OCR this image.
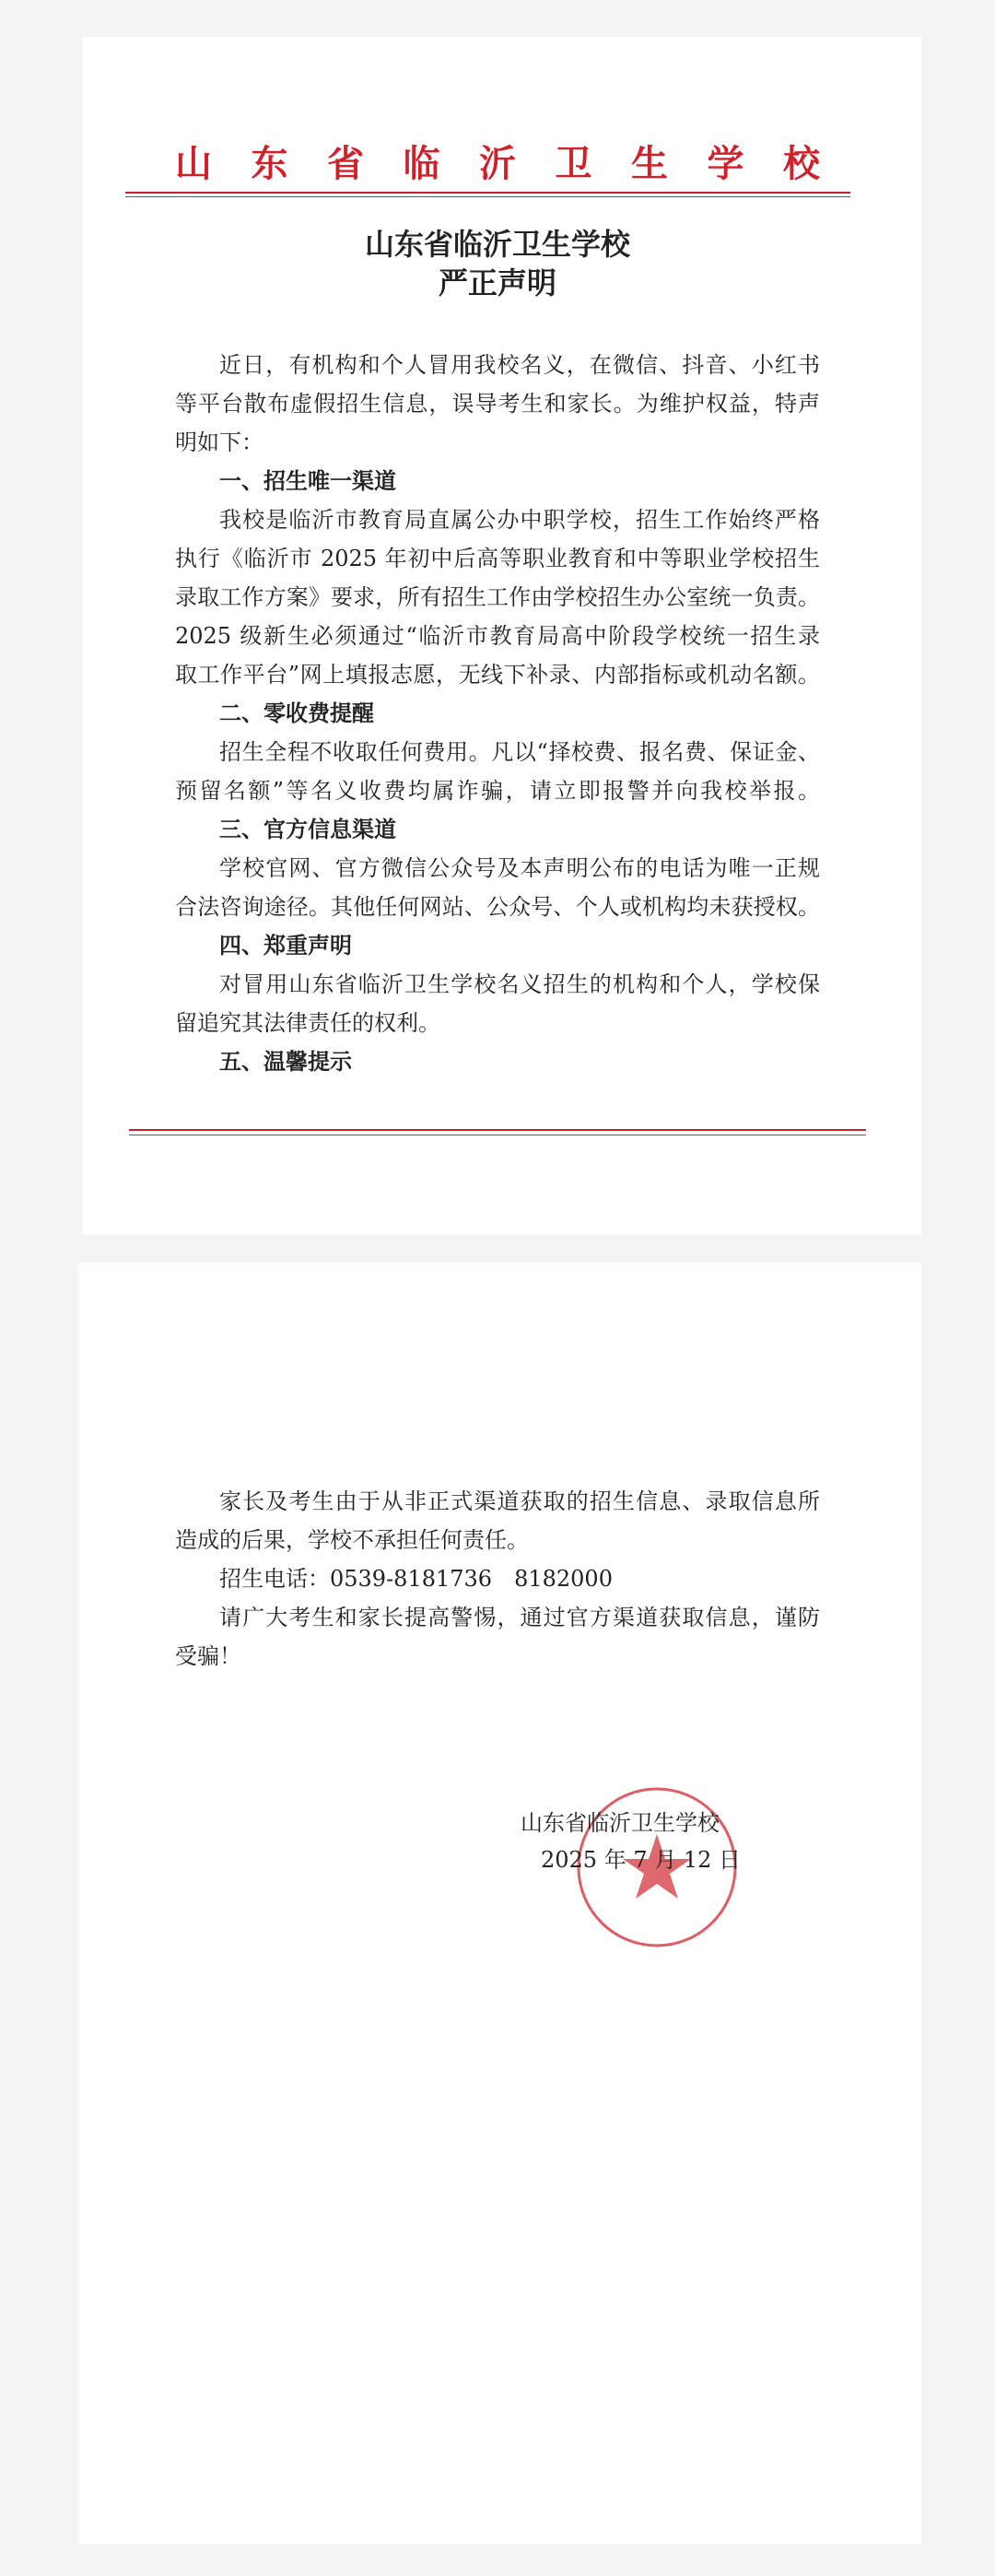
山 东 省 临 沂 卫 生 学 校
山东省临沂卫生学校
严正声明
近日，有机构和个人冒用我校名义，在微信、抖音、小红书
等平台散布虚假招生信息，误导考生和家长。为维护权益，特声
明如下：
一、招生唯一渠道
我校是临沂市教育局直属公办中职学校，招生工作始终严格
执行《临沂市 2025 年初中后高等职业教育和中等职业学校招生
录取工作方案》要求，所有招生工作由学校招生办公室统一负责。
2025 级新生必须通过“临沂市教育局高中阶段学校统一招生录
取工作平台”网上填报志愿，无线下补录、内部指标或机动名额。
二、零收费提醒
招生全程不收取任何费用。凡以“择校费、报名费、保证金、
预留名额”等名义收费均属诈骗，请立即报警并向我校举报。
三、官方信息渠道
学校官网、官方微信公众号及本声明公布的电话为唯一正规
合法咨询途径。其他任何网站、公众号、个人或机构均未获授权。
四、郑重声明
对冒用山东省临沂卫生学校名义招生的机构和个人，学校保
留追究其法律责任的权利。
五、温馨提示
家长及考生由于从非正式渠道获取的招生信息、录取信息所
造成的后果，学校不承担任何责任。
招生电话：0539-8181736　8182000
请广大考生和家长提高警惕，通过官方渠道获取信息，谨防
受骗！
山东省临沂卫生学校
2025 年 7 月 12 日
